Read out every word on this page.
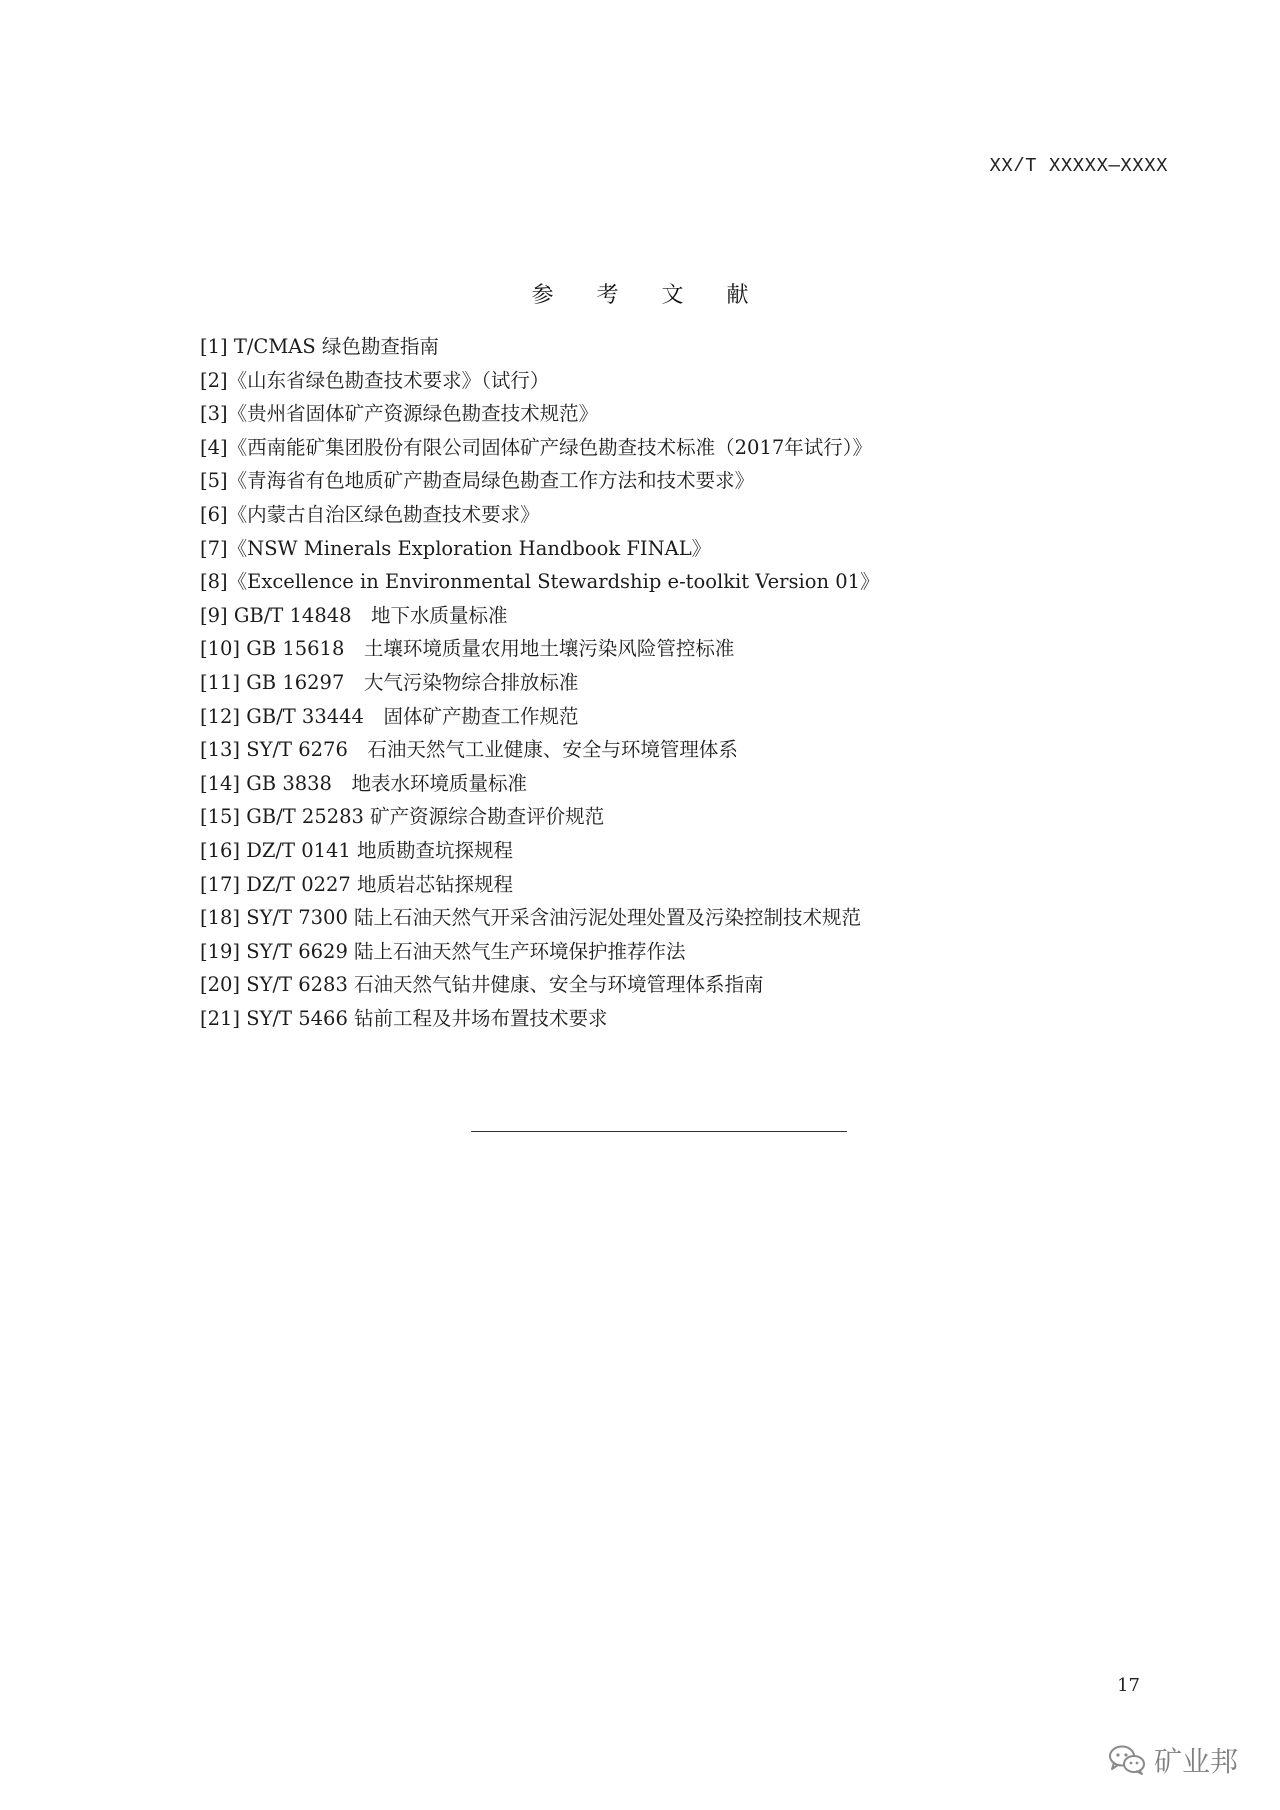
XX/T XXXXX—XXXX
参 考 文 献
[1] T/CMAS 绿色勘查指南
[2]《山东省绿色勘查技术要求》（试行）
[3]《贵州省固体矿产资源绿色勘查技术规范》
[4]《西南能矿集团股份有限公司固体矿产绿色勘查技术标准（2017年试行）》
[5]《青海省有色地质矿产勘查局绿色勘查工作方法和技术要求》
[6]《内蒙古自治区绿色勘查技术要求》
[7]《NSW Minerals Exploration Handbook FINAL》
[8]《Excellence in Environmental Stewardship e-toolkit Version 01》
[9] GB/T 14848　地下水质量标准
[10] GB 15618　土壤环境质量农用地土壤污染风险管控标准
[11] GB 16297　大气污染物综合排放标准
[12] GB/T 33444　固体矿产勘查工作规范
[13] SY/T 6276　石油天然气工业健康、安全与环境管理体系
[14] GB 3838　地表水环境质量标准
[15] GB/T 25283 矿产资源综合勘查评价规范
[16] DZ/T 0141 地质勘查坑探规程
[17] DZ/T 0227 地质岩芯钻探规程
[18] SY/T 7300 陆上石油天然气开采含油污泥处理处置及污染控制技术规范
[19] SY/T 6629 陆上石油天然气生产环境保护推荐作法
[20] SY/T 6283 石油天然气钻井健康、安全与环境管理体系指南
[21] SY/T 5466 钻前工程及井场布置技术要求
17
矿业邦
